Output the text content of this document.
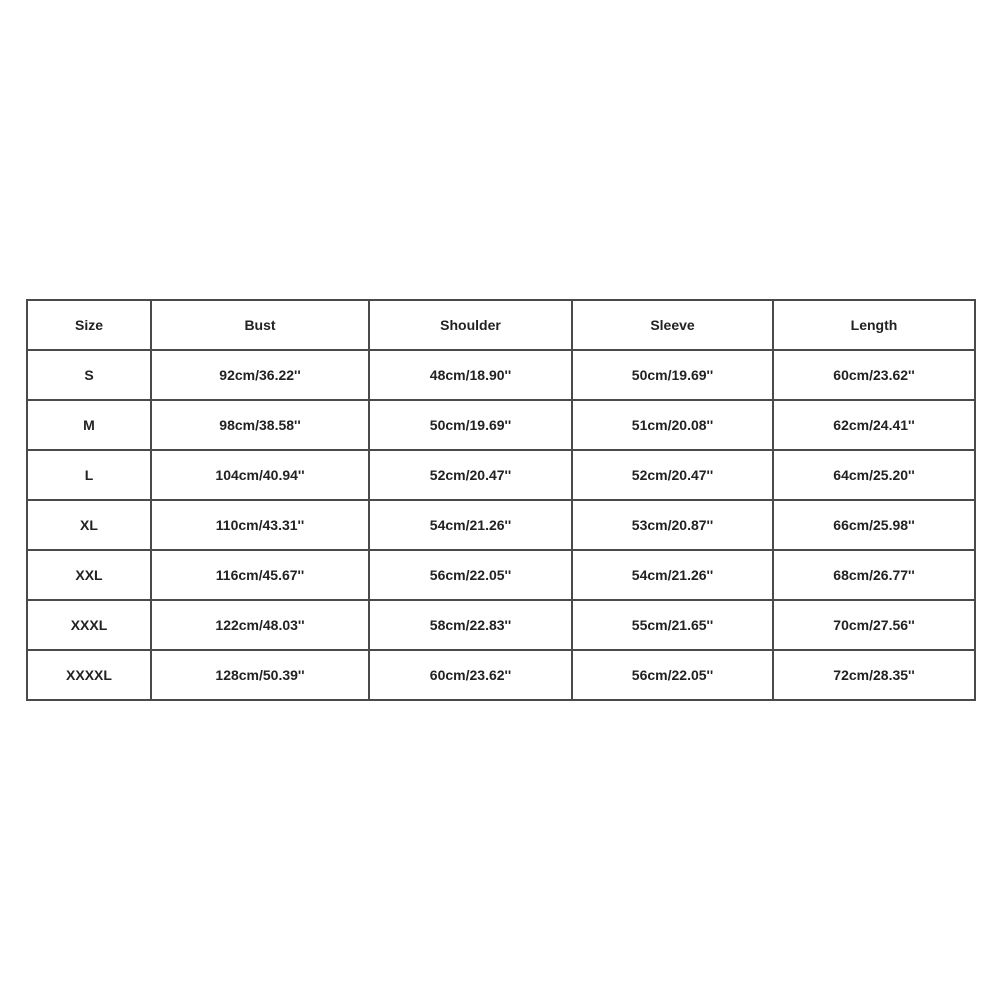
Size	Bust	Shoulder	Sleeve	Length
S	92cm/36.22''	48cm/18.90''	50cm/19.69''	60cm/23.62''
M	98cm/38.58''	50cm/19.69''	51cm/20.08''	62cm/24.41''
L	104cm/40.94''	52cm/20.47''	52cm/20.47''	64cm/25.20''
XL	110cm/43.31''	54cm/21.26''	53cm/20.87''	66cm/25.98''
XXL	116cm/45.67''	56cm/22.05''	54cm/21.26''	68cm/26.77''
XXXL	122cm/48.03''	58cm/22.83''	55cm/21.65''	70cm/27.56''
XXXXL	128cm/50.39''	60cm/23.62''	56cm/22.05''	72cm/28.35''
